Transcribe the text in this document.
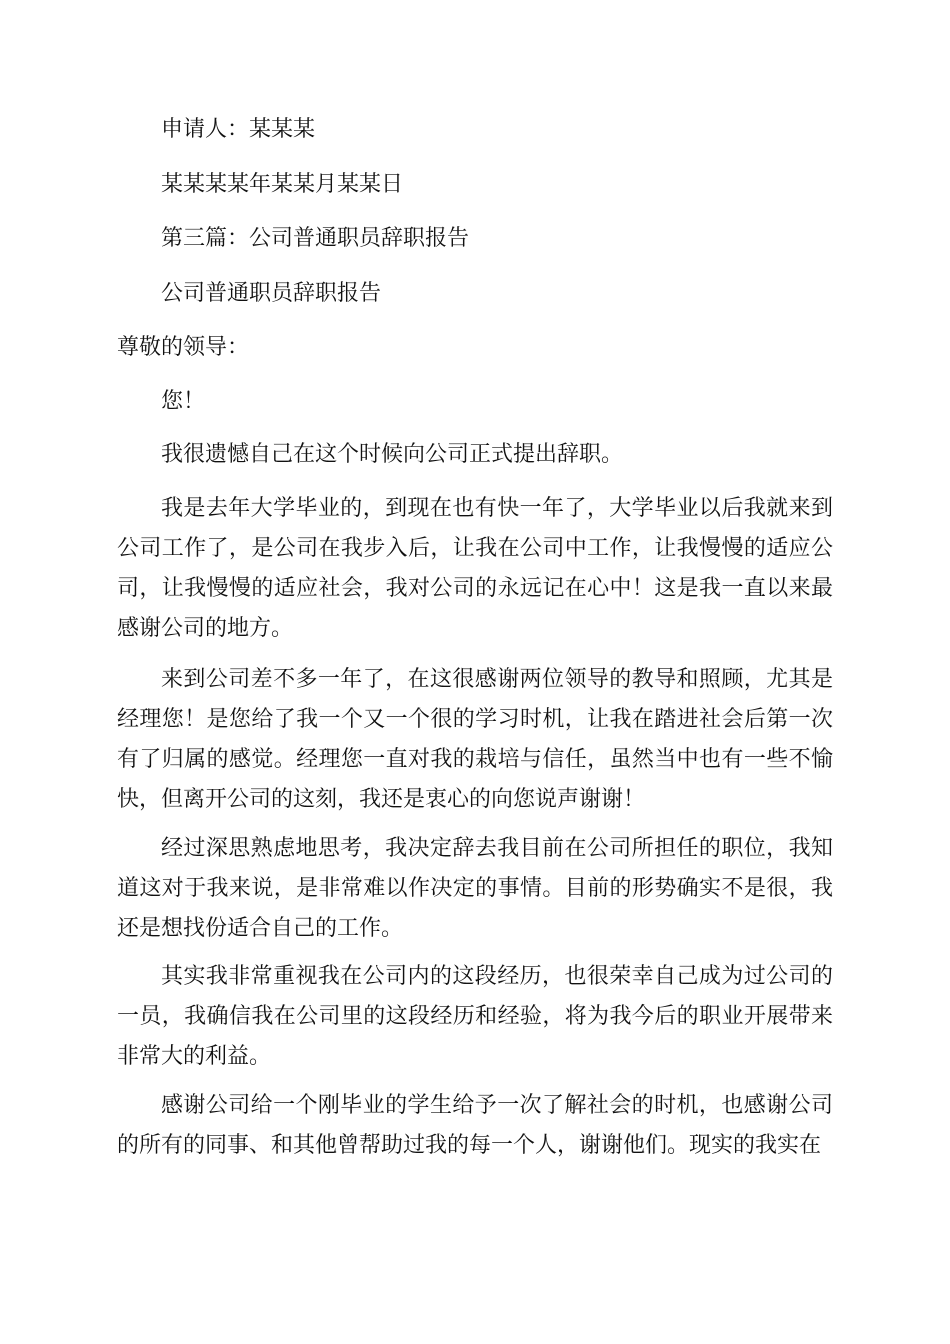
申请人：某某某
某某某某年某某月某某日
第三篇：公司普通职员辞职报告
公司普通职员辞职报告
尊敬的领导：
您！

我很遗憾自己在这个时候向公司正式提出辞职。

我是去年大学毕业的，到现在也有快一年了，大学毕业以后我就来到公司工作了，是公司在我步入后，让我在公司中工作，让我慢慢的适应公司，让我慢慢的适应社会，我对公司的永远记在心中！这是我一直以来最感谢公司的地方。

来到公司差不多一年了，在这很感谢两位领导的教导和照顾，尤其是经理您！是您给了我一个又一个很的学习时机，让我在踏进社会后第一次有了归属的感觉。经理您一直对我的栽培与信任，虽然当中也有一些不愉快，但离开公司的这刻，我还是衷心的向您说声谢谢！

经过深思熟虑地思考，我决定辞去我目前在公司所担任的职位，我知道这对于我来说，是非常难以作决定的事情。目前的形势确实不是很，我还是想找份适合自己的工作。

其实我非常重视我在公司内的这段经历，也很荣幸自己成为过公司的一员，我确信我在公司里的这段经历和经验，将为我今后的职业开展带来非常大的利益。

感谢公司给一个刚毕业的学生给予一次了解社会的时机，也感谢公司的所有的同事、和其他曾帮助过我的每一个人，谢谢他们。现实的我实在
